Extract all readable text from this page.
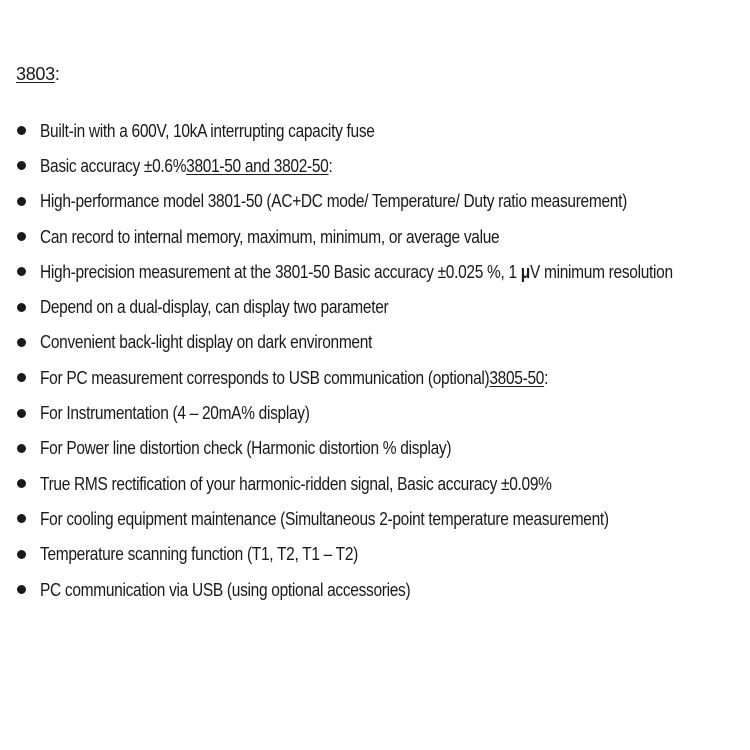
3803:
Built-in with a 600V, 10kA interrupting capacity fuse
Basic accuracy ±0.6%3801-50 and 3802-50:
High-performance model 3801-50 (AC+DC mode/ Temperature/ Duty ratio measurement)
Can record to internal memory, maximum, minimum, or average value
High-precision measurement at the 3801-50 Basic accuracy ±0.025 %, 1 μV minimum resolution
Depend on a dual-display, can display two parameter
Convenient back-light display on dark environment
For PC measurement corresponds to USB communication (optional)3805-50:
For Instrumentation (4 – 20mA% display)
For Power line distortion check (Harmonic distortion % display)
True RMS rectification of your harmonic-ridden signal, Basic accuracy ±0.09%
For cooling equipment maintenance (Simultaneous 2-point temperature measurement)
Temperature scanning function (T1, T2, T1 – T2)
PC communication via USB (using optional accessories)
